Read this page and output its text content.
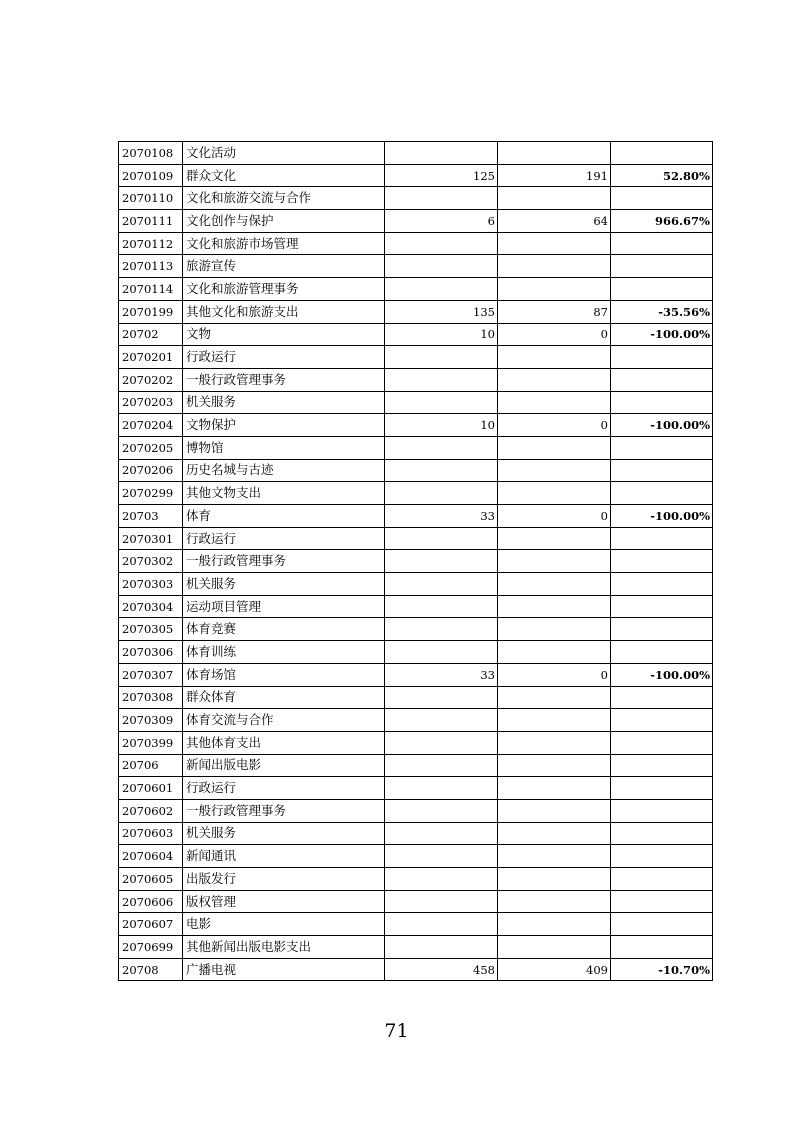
2070108	文化活动			
2070109	群众文化	125	191	52.80%
2070110	文化和旅游交流与合作			
2070111	文化创作与保护	6	64	966.67%
2070112	文化和旅游市场管理			
2070113	旅游宣传			
2070114	文化和旅游管理事务			
2070199	其他文化和旅游支出	135	87	-35.56%
20702	文物	10	0	-100.00%
2070201	行政运行			
2070202	一般行政管理事务			
2070203	机关服务			
2070204	文物保护	10	0	-100.00%
2070205	博物馆			
2070206	历史名城与古迹			
2070299	其他文物支出			
20703	体育	33	0	-100.00%
2070301	行政运行			
2070302	一般行政管理事务			
2070303	机关服务			
2070304	运动项目管理			
2070305	体育竞赛			
2070306	体育训练			
2070307	体育场馆	33	0	-100.00%
2070308	群众体育			
2070309	体育交流与合作			
2070399	其他体育支出			
20706	新闻出版电影			
2070601	行政运行			
2070602	一般行政管理事务			
2070603	机关服务			
2070604	新闻通讯			
2070605	出版发行			
2070606	版权管理			
2070607	电影			
2070699	其他新闻出版电影支出			
20708	广播电视	458	409	-10.70%
71
